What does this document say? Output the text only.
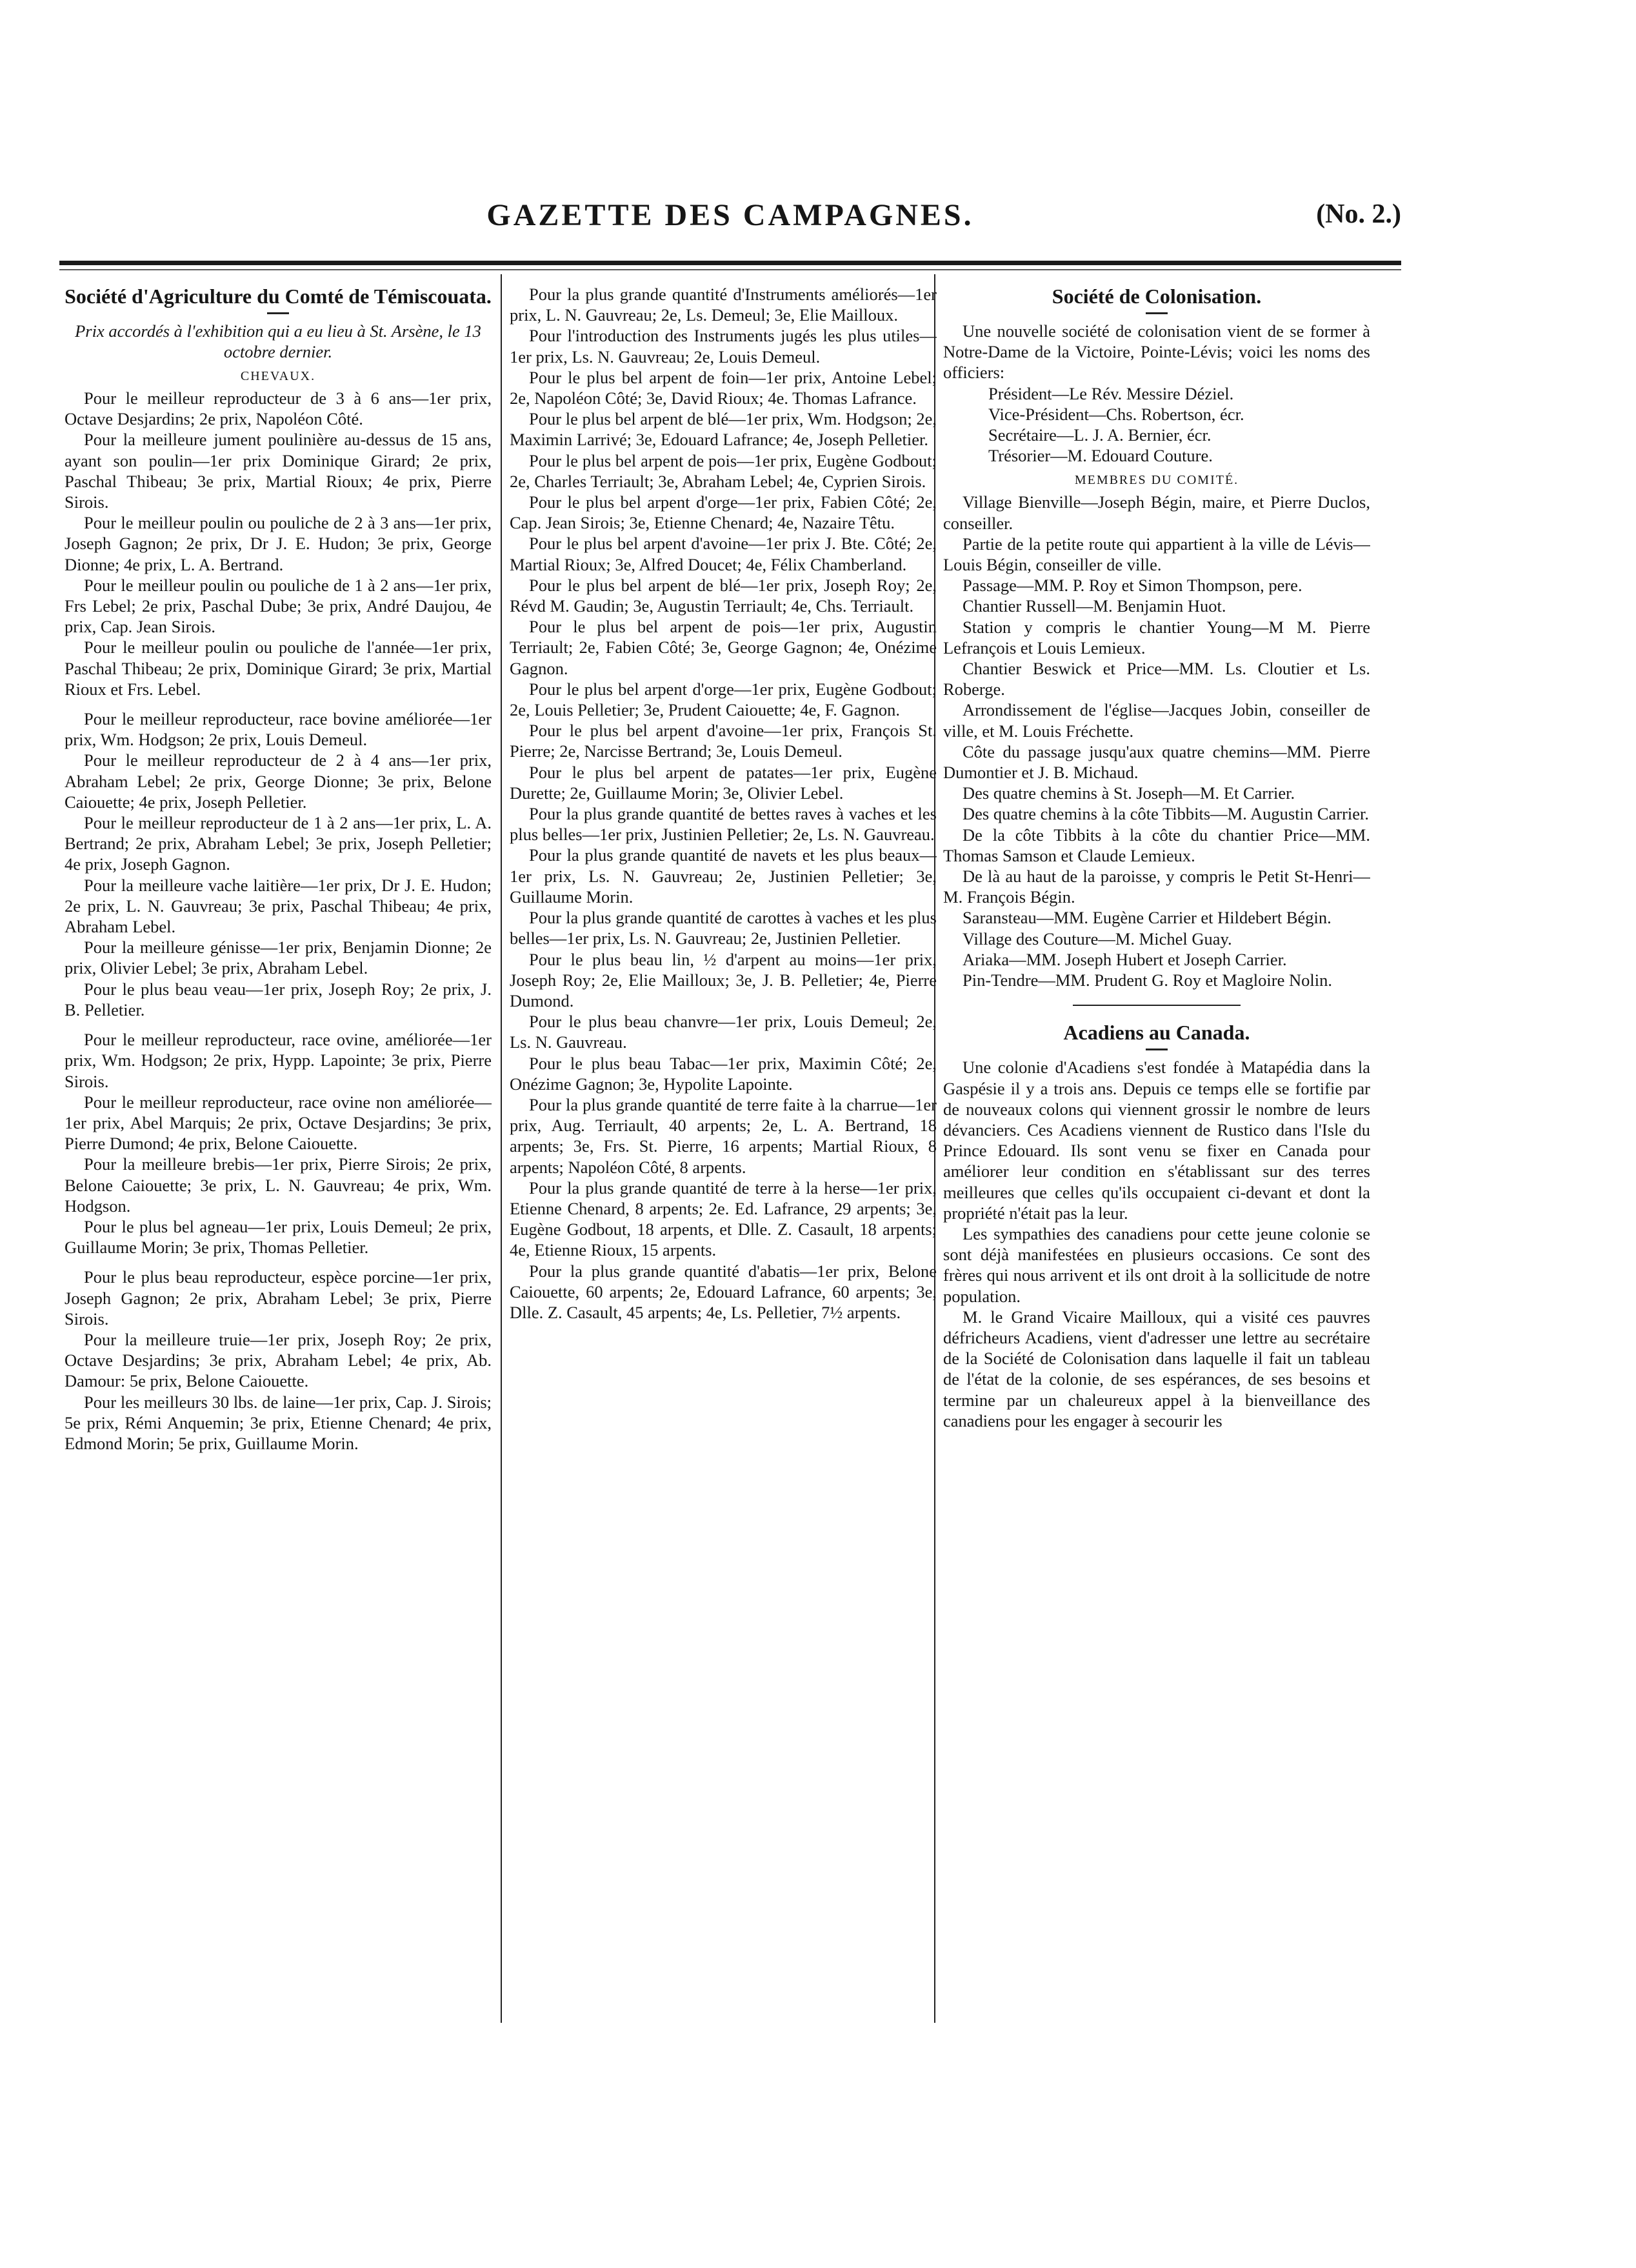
GAZETTE DES CAMPAGNES.	(No. 2.)
Société d'Agriculture du Comté de Témiscouata.
Prix accordés à l'exhibition qui a eu lieu à St. Arsène, le 13 octobre dernier.
CHEVAUX.

Pour le meilleur reproducteur de 3 à 6 ans—1er prix, Octave Desjardins; 2e prix, Napoléon Côté.

Pour la meilleure jument poulinière au-dessus de 15 ans, ayant son poulin—1er prix Dominique Girard; 2e prix, Paschal Thibeau; 3e prix, Martial Rioux; 4e prix, Pierre Sirois.

Pour le meilleur poulin ou pouliche de 2 à 3 ans—1er prix, Joseph Gagnon; 2e prix, Dr J. E. Hudon; 3e prix, George Dionne; 4e prix, L. A. Bertrand.

Pour le meilleur poulin ou pouliche de 1 à 2 ans—1er prix, Frs Lebel; 2e prix, Paschal Dube; 3e prix, André Daujou, 4e prix, Cap. Jean Sirois.

Pour le meilleur poulin ou pouliche de l'année—1er prix, Paschal Thibeau; 2e prix, Dominique Girard; 3e prix, Martial Rioux et Frs. Lebel.

Pour le meilleur reproducteur, race bovine améliorée—1er prix, Wm. Hodgson; 2e prix, Louis Demeul.

Pour le meilleur reproducteur de 2 à 4 ans—1er prix, Abraham Lebel; 2e prix, George Dionne; 3e prix, Belone Caiouette; 4e prix, Joseph Pelletier.

Pour le meilleur reproducteur de 1 à 2 ans—1er prix, L. A. Bertrand; 2e prix, Abraham Lebel; 3e prix, Joseph Pelletier; 4e prix, Joseph Gagnon.

Pour la meilleure vache laitière—1er prix, Dr J. E. Hudon; 2e prix, L. N. Gauvreau; 3e prix, Paschal Thibeau; 4e prix, Abraham Lebel.

Pour la meilleure génisse—1er prix, Benjamin Dionne; 2e prix, Olivier Lebel; 3e prix, Abraham Lebel.

Pour le plus beau veau—1er prix, Joseph Roy; 2e prix, J. B. Pelletier.

Pour le meilleur reproducteur, race ovine, améliorée—1er prix, Wm. Hodgson; 2e prix, Hypp. Lapointe; 3e prix, Pierre Sirois.

Pour le meilleur reproducteur, race ovine non améliorée—1er prix, Abel Marquis; 2e prix, Octave Desjardins; 3e prix, Pierre Dumond; 4e prix, Belone Caiouette.

Pour la meilleure brebis—1er prix, Pierre Sirois; 2e prix, Belone Caiouette; 3e prix, L. N. Gauvreau; 4e prix, Wm. Hodgson.

Pour le plus bel agneau—1er prix, Louis Demeul; 2e prix, Guillaume Morin; 3e prix, Thomas Pelletier.

Pour le plus beau reproducteur, espèce porcine—1er prix, Joseph Gagnon; 2e prix, Abraham Lebel; 3e prix, Pierre Sirois.

Pour la meilleure truie—1er prix, Joseph Roy; 2e prix, Octave Desjardins; 3e prix, Abraham Lebel; 4e prix, Ab. Damour: 5e prix, Belone Caiouette.

Pour les meilleurs 30 lbs. de laine—1er prix, Cap. J. Sirois; 5e prix, Rémi Anquemin; 3e prix, Etienne Chenard; 4e prix, Edmond Morin; 5e prix, Guillaume Morin.

Pour la plus grande quantité d'Instruments améliorés—1er prix, L. N. Gauvreau; 2e, Ls. Demeul; 3e, Elie Mailloux.

Pour l'introduction des Instruments jugés les plus utiles—1er prix, Ls. N. Gauvreau; 2e, Louis Demeul.

Pour le plus bel arpent de foin—1er prix, Antoine Lebel; 2e, Napoléon Côté; 3e, David Rioux; 4e. Thomas Lafrance.

Pour le plus bel arpent de blé—1er prix, Wm. Hodgson; 2e, Maximin Larrivé; 3e, Edouard Lafrance; 4e, Joseph Pelletier.

Pour le plus bel arpent de pois—1er prix, Eugène Godbout; 2e, Charles Terriault; 3e, Abraham Lebel; 4e, Cyprien Sirois.

Pour le plus bel arpent d'orge—1er prix, Fabien Côté; 2e, Cap. Jean Sirois; 3e, Etienne Chenard; 4e, Nazaire Têtu.

Pour le plus bel arpent d'avoine—1er prix J. Bte. Côté; 2e, Martial Rioux; 3e, Alfred Doucet; 4e, Félix Chamberland.

Pour le plus bel arpent de blé—1er prix, Joseph Roy; 2e, Révd M. Gaudin; 3e, Augustin Terriault; 4e, Chs. Terriault.

Pour le plus bel arpent de pois—1er prix, Augustin Terriault; 2e, Fabien Côté; 3e, George Gagnon; 4e, Onézime Gagnon.

Pour le plus bel arpent d'orge—1er prix, Eugène Godbout; 2e, Louis Pelletier; 3e, Prudent Caiouette; 4e, F. Gagnon.

Pour le plus bel arpent d'avoine—1er prix, François St. Pierre; 2e, Narcisse Bertrand; 3e, Louis Demeul.

Pour le plus bel arpent de patates—1er prix, Eugène Durette; 2e, Guillaume Morin; 3e, Olivier Lebel.

Pour la plus grande quantité de bettes raves à vaches et les plus belles—1er prix, Justinien Pelletier; 2e, Ls. N. Gauvreau.

Pour la plus grande quantité de navets et les plus beaux—1er prix, Ls. N. Gauvreau; 2e, Justinien Pelletier; 3e, Guillaume Morin.

Pour la plus grande quantité de carottes à vaches et les plus belles—1er prix, Ls. N. Gauvreau; 2e, Justinien Pelletier.

Pour le plus beau lin, ½ d'arpent au moins—1er prix, Joseph Roy; 2e, Elie Mailloux; 3e, J. B. Pelletier; 4e, Pierre Dumond.

Pour le plus beau chanvre—1er prix, Louis Demeul; 2e, Ls. N. Gauvreau.

Pour le plus beau Tabac—1er prix, Maximin Côté; 2e, Onézime Gagnon; 3e, Hypolite Lapointe.

Pour la plus grande quantité de terre faite à la charrue—1er prix, Aug. Terriault, 40 arpents; 2e, L. A. Bertrand, 18 arpents; 3e, Frs. St. Pierre, 16 arpents; Martial Rioux, 8 arpents; Napoléon Côté, 8 arpents.

Pour la plus grande quantité de terre à la herse—1er prix, Etienne Chenard, 8 arpents; 2e. Ed. Lafrance, 29 arpents; 3e, Eugène Godbout, 18 arpents, et Dlle. Z. Casault, 18 arpents; 4e, Etienne Rioux, 15 arpents.

Pour la plus grande quantité d'abatis—1er prix, Belone Caiouette, 60 arpents; 2e, Edouard Lafrance, 60 arpents; 3e, Dlle. Z. Casault, 45 arpents; 4e, Ls. Pelletier, 7½ arpents.

Société de Colonisation.

Une nouvelle société de colonisation vient de se former à Notre-Dame de la Victoire, Pointe-Lévis; voici les noms des officiers:

Président—Le Rév. Messire Déziel.

Vice-Président—Chs. Robertson, écr.

Secrétaire—L. J. A. Bernier, écr.

Trésorier—M. Edouard Couture.

MEMBRES DU COMITÉ.

Village Bienville—Joseph Bégin, maire, et Pierre Duclos, conseiller.

Partie de la petite route qui appartient à la ville de Lévis—Louis Bégin, conseiller de ville.

Passage—MM. P. Roy et Simon Thompson, pere.

Chantier Russell—M. Benjamin Huot.

Station y compris le chantier Young—M M. Pierre Lefrançois et Louis Lemieux.

Chantier Beswick et Price—MM. Ls. Cloutier et Ls. Roberge.

Arrondissement de l'église—Jacques Jobin, conseiller de ville, et M. Louis Fréchette.

Côte du passage jusqu'aux quatre chemins—MM. Pierre Dumontier et J. B. Michaud.

Des quatre chemins à St. Joseph—M. Et Carrier.

Des quatre chemins à la côte Tibbits—M. Augustin Carrier.

De la côte Tibbits à la côte du chantier Price—MM. Thomas Samson et Claude Lemieux.

De là au haut de la paroisse, y compris le Petit St-Henri—M. François Bégin.

Saransteau—MM. Eugène Carrier et Hildebert Bégin.

Village des Couture—M. Michel Guay.

Ariaka—MM. Joseph Hubert et Joseph Carrier.

Pin-Tendre—MM. Prudent G. Roy et Magloire Nolin.

Acadiens au Canada.

Une colonie d'Acadiens s'est fondée à Matapédia dans la Gaspésie il y a trois ans. Depuis ce temps elle se fortifie par de nouveaux colons qui viennent grossir le nombre de leurs dévanciers. Ces Acadiens viennent de Rustico dans l'Isle du Prince Edouard. Ils sont venu se fixer en Canada pour améliorer leur condition en s'établissant sur des terres meilleures que celles qu'ils occupaient ci-devant et dont la propriété n'était pas la leur.

Les sympathies des canadiens pour cette jeune colonie se sont déjà manifestées en plusieurs occasions. Ce sont des frères qui nous arrivent et ils ont droit à la sollicitude de notre population.

M. le Grand Vicaire Mailloux, qui a visité ces pauvres défricheurs Acadiens, vient d'adresser une lettre au secrétaire de la Société de Colonisation dans laquelle il fait un tableau de l'état de la colonie, de ses espérances, de ses besoins et termine par un chaleureux appel à la bienveillance des canadiens pour les engager à secourir les
